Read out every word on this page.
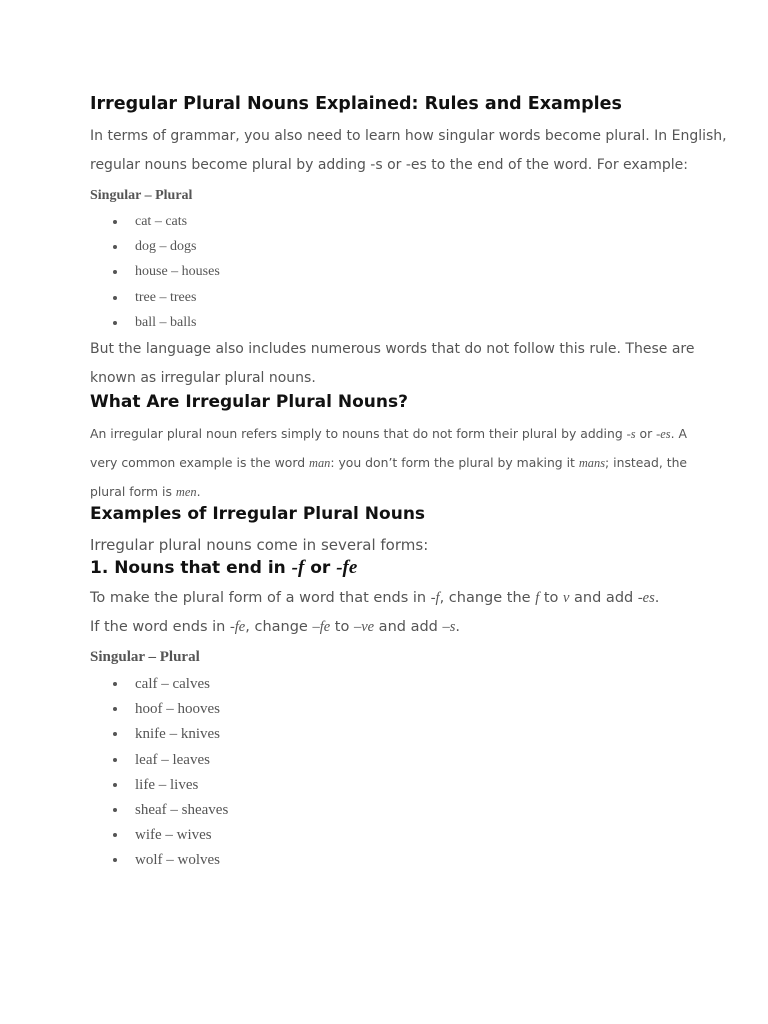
Irregular Plural Nouns Explained: Rules and Examples

In terms of grammar, you also need to learn how singular words become plural. In English,

regular nouns become plural by adding -s or -es to the end of the word. For example:

Singular – Plural

cat – cats
dog – dogs
house – houses
tree – trees
ball – balls

But the language also includes numerous words that do not follow this rule. These are

known as irregular plural nouns.

What Are Irregular Plural Nouns?

An irregular plural noun refers simply to nouns that do not form their plural by adding -s or -es. A

very common example is the word man: you don’t form the plural by making it mans; instead, the

plural form is men.

Examples of Irregular Plural Nouns

Irregular plural nouns come in several forms:

1. Nouns that end in -f or -fe

To make the plural form of a word that ends in -f, change the f to v and add -es.

If the word ends in -fe, change –fe to –ve and add –s.

Singular – Plural

calf – calves
hoof – hooves
knife – knives
leaf – leaves
life – lives
sheaf – sheaves
wife – wives
wolf – wolves
